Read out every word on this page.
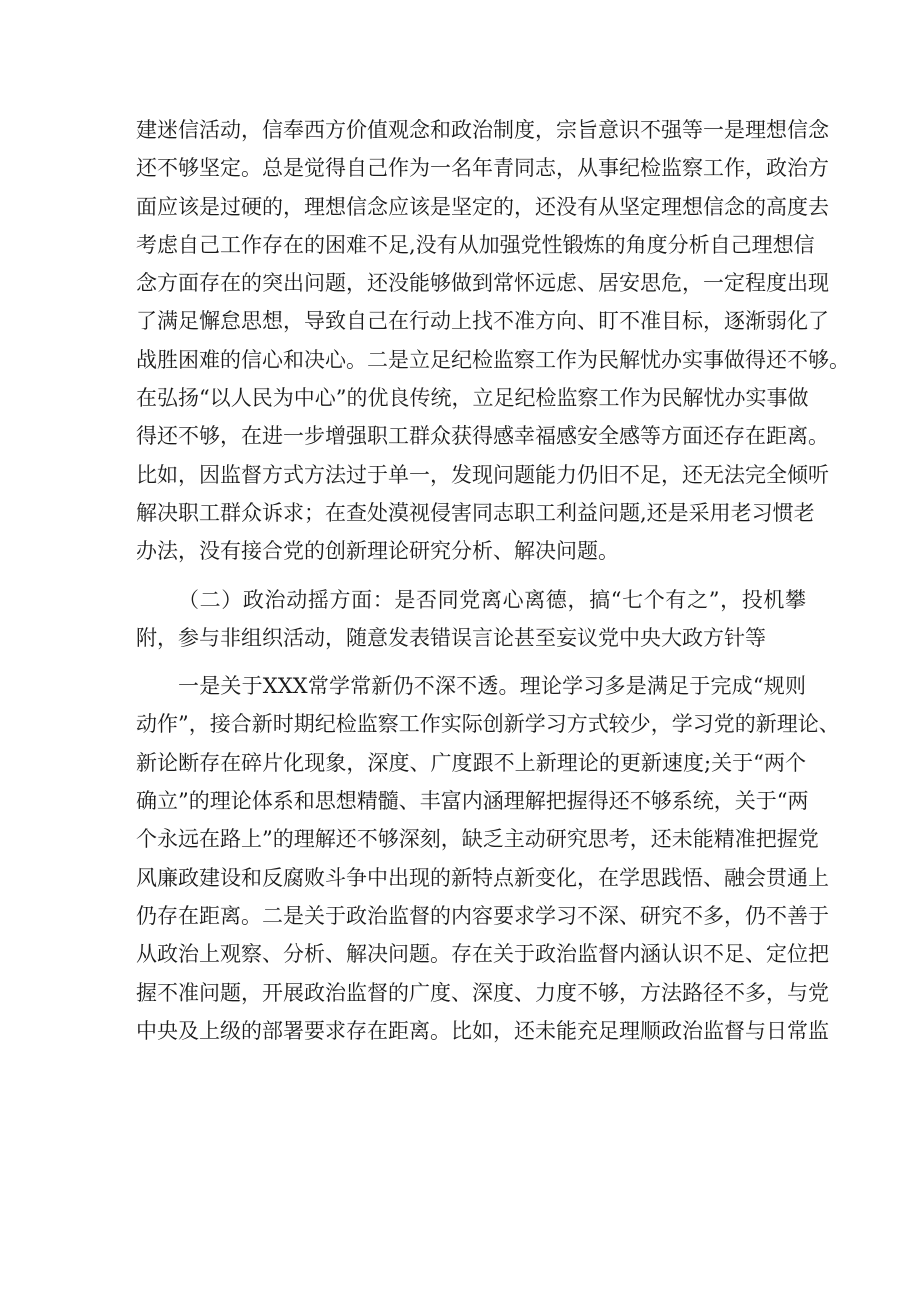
建迷信活动，信奉西方价值观念和政治制度，宗旨意识不强等一是理想信念
还不够坚定。总是觉得自己作为一名年青同志，从事纪检监察工作，政治方
面应该是过硬的，理想信念应该是坚定的，还没有从坚定理想信念的高度去
考虑自己工作存在的困难不足,没有从加强党性锻炼的角度分析自己理想信
念方面存在的突出问题，还没能够做到常怀远虑、居安思危，一定程度出现
了满足懈怠思想，导致自己在行动上找不准方向、盯不准目标，逐渐弱化了
战胜困难的信心和决心。二是立足纪检监察工作为民解忧办实事做得还不够。
在弘扬“以人民为中心”的优良传统，立足纪检监察工作为民解忧办实事做
得还不够，在进一步增强职工群众获得感幸福感安全感等方面还存在距离。
比如，因监督方式方法过于单一，发现问题能力仍旧不足，还无法完全倾听
解决职工群众诉求；在查处漠视侵害同志职工利益问题,还是采用老习惯老
办法，没有接合党的创新理论研究分析、解决问题。
（二）政治动摇方面：是否同党离心离德，搞“七个有之”，投机攀
附，参与非组织活动，随意发表错误言论甚至妄议党中央大政方针等
一是关于XXX常学常新仍不深不透。理论学习多是满足于完成“规则
动作”，接合新时期纪检监察工作实际创新学习方式较少，学习党的新理论、
新论断存在碎片化现象，深度、广度跟不上新理论的更新速度;关于“两个
确立”的理论体系和思想精髓、丰富内涵理解把握得还不够系统，关于“两
个永远在路上”的理解还不够深刻，缺乏主动研究思考，还未能精准把握党
风廉政建设和反腐败斗争中出现的新特点新变化，在学思践悟、融会贯通上
仍存在距离。二是关于政治监督的内容要求学习不深、研究不多，仍不善于
从政治上观察、分析、解决问题。存在关于政治监督内涵认识不足、定位把
握不准问题，开展政治监督的广度、深度、力度不够，方法路径不多，与党
中央及上级的部署要求存在距离。比如，还未能充足理顺政治监督与日常监
